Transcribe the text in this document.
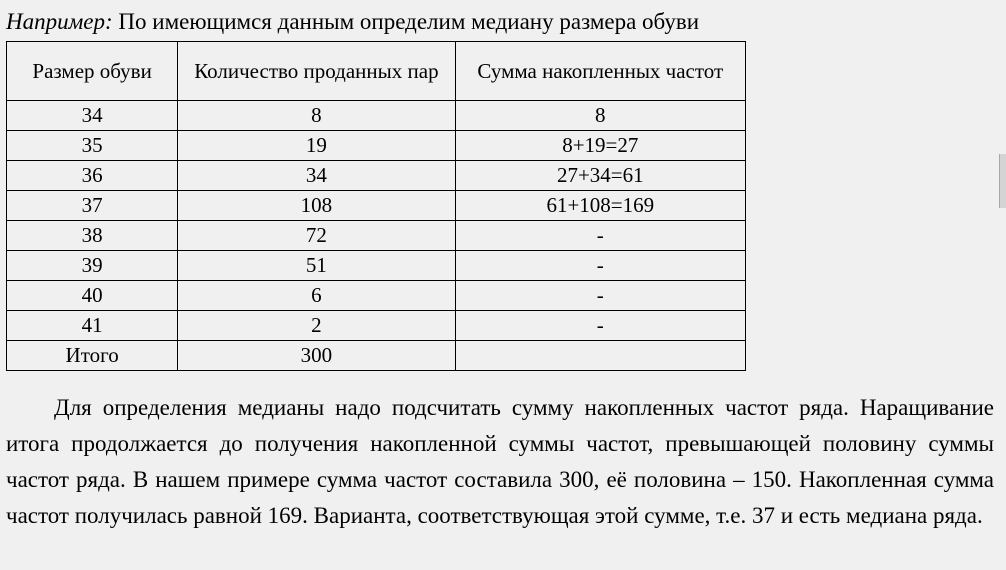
Например: По имеющимся данным определим медиану размера обуви
Размер обуви	Количество проданных пар	Сумма накопленных частот
34	8	8
35	19	8+19=27
36	34	27+34=61
37	108	61+108=169
38	72	-
39	51	-
40	6	-
41	2	-
Итого	300	

Для определения медианы надо подсчитать сумму накопленных частот ряда. Наращивание итога продолжается до получения накопленной суммы частот, превышающей половину суммы частот ряда. В нашем примере сумма частот составила 300, её половина – 150. Накопленная сумма частот получилась равной 169. Варианта, соответствующая этой сумме, т.е. 37 и есть медиана ряда.
